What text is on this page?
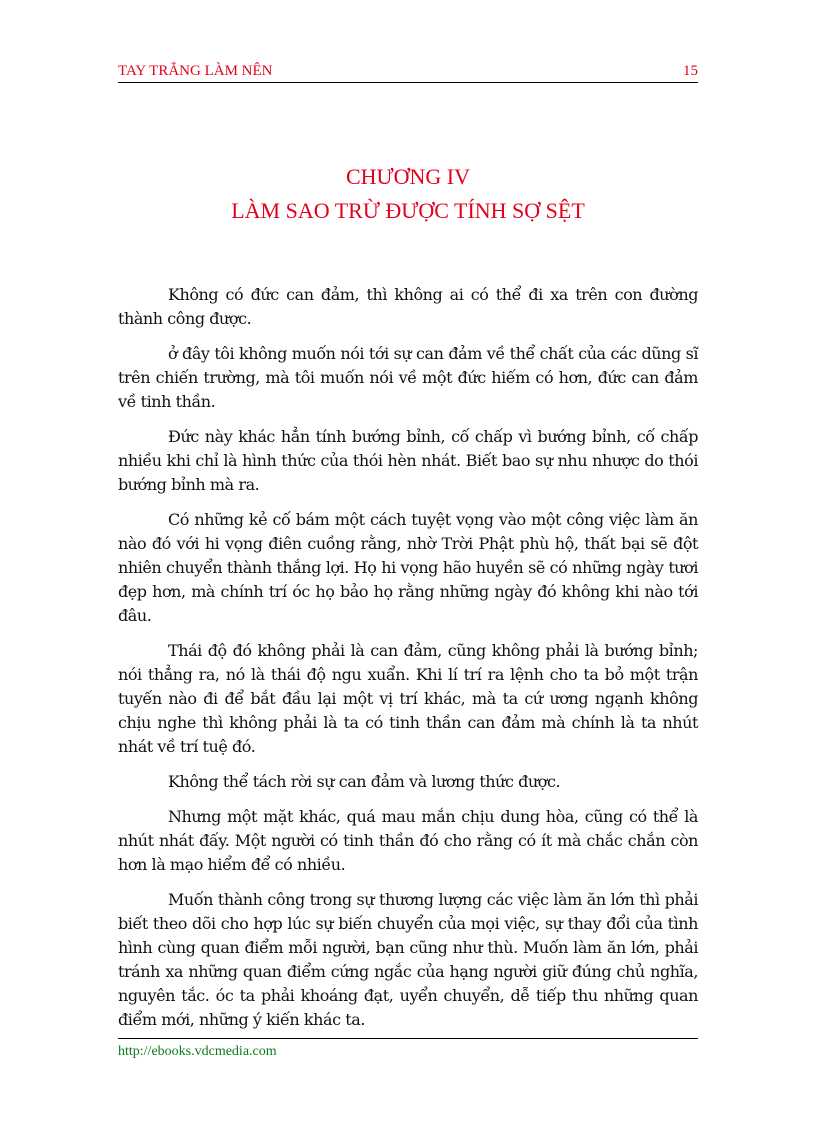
TAY TRẮNG LÀM NÊN	15
CHƯƠNG IV
LÀM SAO TRỪ ĐƯỢC TÍNH SỢ SỆT

Không có đức can đảm, thì không ai có thể đi xa trên con đường thành công được.

ở đây tôi không muốn nói tới sự can đảm về thể chất của các dũng sĩ trên chiến trường, mà tôi muốn nói về một đức hiếm có hơn, đức can đảm về tinh thần.

Đức này khác hẳn tính bướng bỉnh, cố chấp vì bướng bỉnh, cố chấp nhiều khi chỉ là hình thức của thói hèn nhát. Biết bao sự nhu nhược do thói bướng bỉnh mà ra.

Có những kẻ cố bám một cách tuyệt vọng vào một công việc làm ăn nào đó với hi vọng điên cuồng rằng, nhờ Trời Phật phù hộ, thất bại sẽ đột nhiên chuyển thành thắng lợi. Họ hi vọng hão huyền sẽ có những ngày tươi đẹp hơn, mà chính trí óc họ bảo họ rằng những ngày đó không khi nào tới đâu.

Thái độ đó không phải là can đảm, cũng không phải là bướng bỉnh; nói thẳng ra, nó là thái độ ngu xuẩn. Khi lí trí ra lệnh cho ta bỏ một trận tuyến nào đi để bắt đầu lại một vị trí khác, mà ta cứ ương ngạnh không chịu nghe thì không phải là ta có tinh thần can đảm mà chính là ta nhút nhát về trí tuệ đó.

Không thể tách rời sự can đảm và lương thức được.

Nhưng một mặt khác, quá mau mắn chịu dung hòa, cũng có thể là nhút nhát đấy. Một người có tinh thần đó cho rằng có ít mà chắc chắn còn hơn là mạo hiểm để có nhiều.

Muốn thành công trong sự thương lượng các việc làm ăn lớn thì phải biết theo dõi cho hợp lúc sự biến chuyển của mọi việc, sự thay đổi của tình hình cùng quan điểm mỗi người, bạn cũng như thù. Muốn làm ăn lớn, phải tránh xa những quan điểm cứng ngắc của hạng người giữ đúng chủ nghĩa, nguyên tắc. óc ta phải khoáng đạt, uyển chuyển, dễ tiếp thu những quan điểm mới, những ý kiến khác ta.

http://ebooks.vdcmedia.com
